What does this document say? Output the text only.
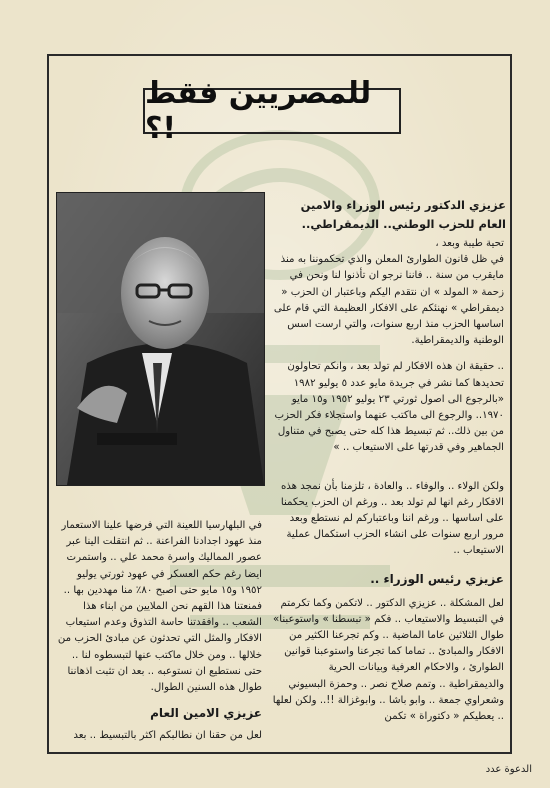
للمصريين فقط ؟!

عزيزي الدكتور رئيس الوزراء والامين العام للحزب الوطني.. الديمقراطي..

تحية طيبة وبعد ،

في ظل قانون الطوارئ المعلن والذي تحكموننا به منذ مايقرب من سنة .. فاننا نرجو ان تأذنوا لنا ونحن في زحمة « المولد » ان نتقدم اليكم وباعتبار ان الحزب « ديمقراطي » نهنئكم على الافكار العظيمة التي قام على اساسها الحزب منذ اربع سنوات، والتي ارست اسس الوطنية والديمقراطية.

.. حقيقة ان هذه الافكار لم تولد بعد ، وانكم تحاولون تحديدها كما نشر في جريدة مايو عدد ٥ يوليو ١٩٨٢ «بالرجوع الى اصول ثورتي ٢٣ يوليو ١٩٥٢ و١٥ مايو ١٩٧٠.. والرجوع الى ماكتب عنهما واستجلاء فكر الحزب من بين ذلك.. ثم تبسيط هذا كله حتى يصبح في متناول الجماهير وفي قدرتها على الاستيعاب .. »

ولكن الولاء .. والوفاء .. والعادة ، تلزمنا بأن نمجد هذه الافكار رغم انها لم تولد بعد .. ورغم ان الحزب يحكمنا على اساسها .. ورغم اننا وباعتباركم لم نستطع وبعد مرور اربع سنوات على انشاء الحزب استكمال عملية الاستيعاب ..

عزيزي رئيس الوزراء ..

لعل المشكلة .. عزيزي الدكتور .. لاتكمن وكما تكرمتم في التبسيط والاستيعاب .. فكم « تبسطنا » واستوعبنا» طوال الثلاثين عاما الماضية .. وكم تجرعنا الكثير من الافكار والمبادئ .. تماما كما تجرعنا واستوعبنا قوانين الطوارئ ، والاحكام العرفية وبيانات الحرية والديمقراطية .. وتمم صلاح نصر .. وحمزة البسيوني وشعراوي جمعة .. وابو باشا .. وابوغزالة !!.. ولكن لعلها .. يعطيكم « دكتوراة » تكمن

في البلهارسيا اللعينة التي فرضها علينا الاستعمار منذ عهود اجدادنا الفراعنة .. ثم انتقلت الينا عبر عصور المماليك واسرة محمد علي .. واستمرت ايضا رغم حكم العسكر في عهود ثورتي يوليو ١٩٥٢ و١٥ مايو حتى اصبح ٨٠٪ منا مهددين بها .. فمنعتنا هذا القهم نحن الملايين من ابناء هذا الشعب .. وافقدتنا حاسة التذوق وعدم استيعاب الافكار والمثل التي تحدثون عن مبادئ الحزب من خلالها .. ومن خلال ماكتب عنها لتبسطوه لنا .. حتى نستطيع ان نستوعبه .. بعد ان تثبت اذهاننا طوال هذه السنين الطوال.

عزيزي الامين العام

لعل من حقنا ان نطالبكم اكثر بالتبسيط .. بعد

الدعوة عدد
